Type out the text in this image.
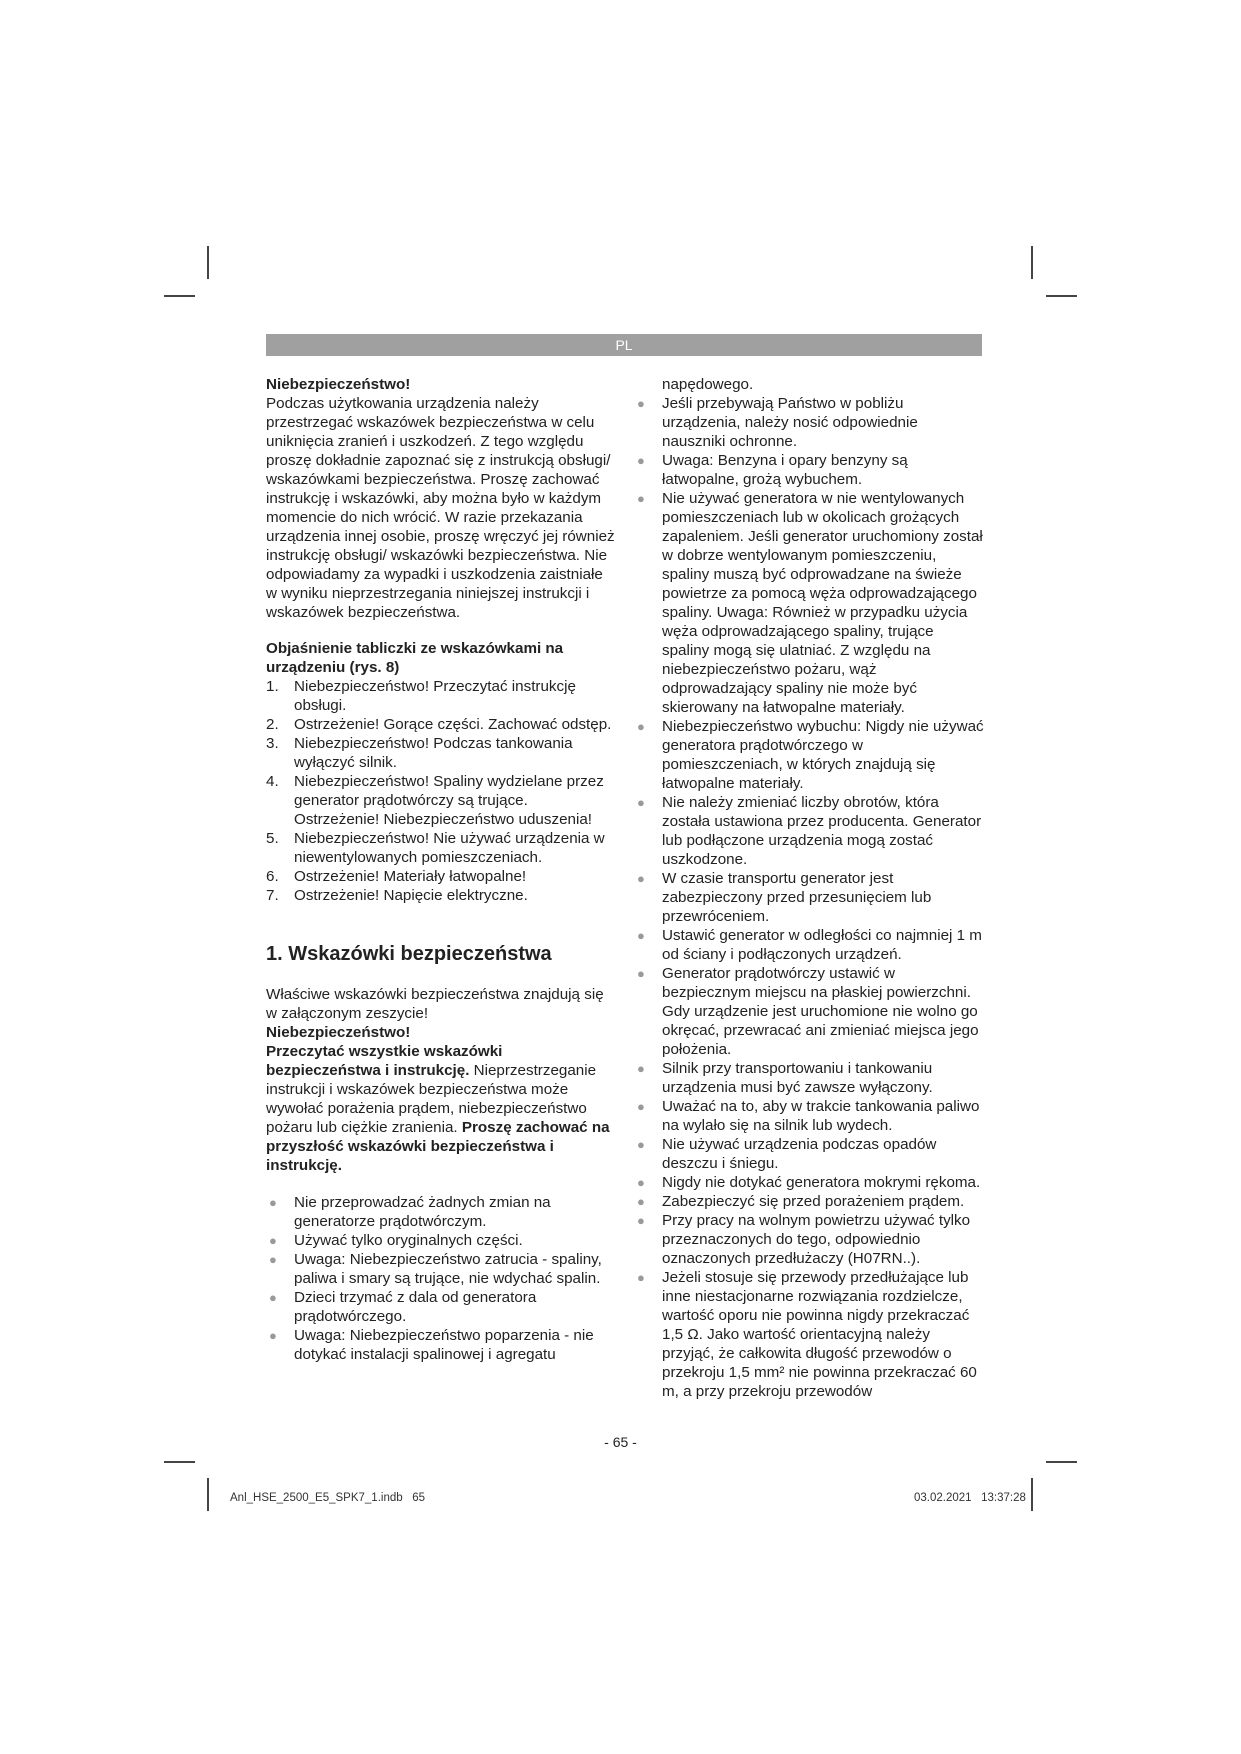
PL

Niebezpieczeństwo!

Podczas użytkowania urządzenia należy przestrzegać wskazówek bezpieczeństwa w celu uniknięcia zranień i uszkodzeń. Z tego względu proszę dokładnie zapoznać się z instrukcją obsługi/ wskazówkami bezpieczeństwa. Proszę zachować instrukcję i wskazówki, aby można było w każdym momencie do nich wrócić. W razie przekazania urządzenia innej osobie, proszę wręczyć jej również instrukcję obsługi/ wskazówki bezpieczeństwa. Nie odpowiadamy za wypadki i uszkodzenia zaistniałe w wyniku nieprzestrzegania niniejszej instrukcji i wskazówek bezpieczeństwa.

Objaśnienie tabliczki ze wskazówkami na urządzeniu (rys. 8)

1. Niebezpieczeństwo! Przeczytać instrukcję obsługi.
2. Ostrzeżenie! Gorące części. Zachować odstęp.
3. Niebezpieczeństwo! Podczas tankowania wyłączyć silnik.
4. Niebezpieczeństwo! Spaliny wydzielane przez generator prądotwórczy są trujące. Ostrzeżenie! Niebezpieczeństwo uduszenia!
5. Niebezpieczeństwo! Nie używać urządzenia w niewentylowanych pomieszczeniach.
6. Ostrzeżenie! Materiały łatwopalne!
7. Ostrzeżenie! Napięcie elektryczne.
1. Wskazówki bezpieczeństwa

Właściwe wskazówki bezpieczeństwa znajdują się w załączonym zeszycie!

Niebezpieczeństwo!

Przeczytać wszystkie wskazówki bezpieczeństwa i instrukcję. Nieprzestrzeganie instrukcji i wskazówek bezpieczeństwa może wywołać porażenia prądem, niebezpieczeństwo pożaru lub ciężkie zranienia. Proszę zachować na przyszłość wskazówki bezpieczeństwa i instrukcję.

● Nie przeprowadzać żadnych zmian na generatorze prądotwórczym.
● Używać tylko oryginalnych części.
● Uwaga: Niebezpieczeństwo zatrucia - spaliny, paliwa i smary są trujące, nie wdychać spalin.
● Dzieci trzymać z dala od generatora prądotwórczego.
● Uwaga: Niebezpieczeństwo poparzenia - nie dotykać instalacji spalinowej i agregatu

napędowego.

● Jeśli przebywają Państwo w pobliżu urządzenia, należy nosić odpowiednie nauszniki ochronne.
● Uwaga: Benzyna i opary benzyny są łatwopalne, grożą wybuchem.
● Nie używać generatora w nie wentylowanych pomieszczeniach lub w okolicach grożących zapaleniem. Jeśli generator uruchomiony został w dobrze wentylowanym pomieszczeniu, spaliny muszą być odprowadzane na świeże powietrze za pomocą węża odprowadzającego spaliny. Uwaga: Również w przypadku użycia węża odprowadzającego spaliny, trujące spaliny mogą się ulatniać. Z względu na niebezpieczeństwo pożaru, wąż odprowadzający spaliny nie może być skierowany na łatwopalne materiały.
● Niebezpieczeństwo wybuchu: Nigdy nie używać generatora prądotwórczego w pomieszczeniach, w których znajdują się łatwopalne materiały.
● Nie należy zmieniać liczby obrotów, która została ustawiona przez producenta. Generator lub podłączone urządzenia mogą zostać uszkodzone.
● W czasie transportu generator jest zabezpieczony przed przesunięciem lub przewróceniem.
● Ustawić generator w odległości co najmniej 1 m od ściany i podłączonych urządzeń.
● Generator prądotwórczy ustawić w bezpiecznym miejscu na płaskiej powierzchni. Gdy urządzenie jest uruchomione nie wolno go okręcać, przewracać ani zmieniać miejsca jego położenia.
● Silnik przy transportowaniu i tankowaniu urządzenia musi być zawsze wyłączony.
● Uważać na to, aby w trakcie tankowania paliwo na wylało się na silnik lub wydech.
● Nie używać urządzenia podczas opadów deszczu i śniegu.
● Nigdy nie dotykać generatora mokrymi rękoma.
● Zabezpieczyć się przed porażeniem prądem.
● Przy pracy na wolnym powietrzu używać tylko przeznaczonych do tego, odpowiednio oznaczonych przedłużaczy (H07RN..).
● Jeżeli stosuje się przewody przedłużające lub inne niestacjonarne rozwiązania rozdzielcze, wartość oporu nie powinna nigdy przekraczać 1,5 Ω. Jako wartość orientacyjną należy przyjąć, że całkowita długość przewodów o przekroju 1,5 mm² nie powinna przekraczać 60 m, a przy przekroju przewodów
- 65 -
Anl_HSE_2500_E5_SPK7_1.indb   65	03.02.2021   13:37:28
